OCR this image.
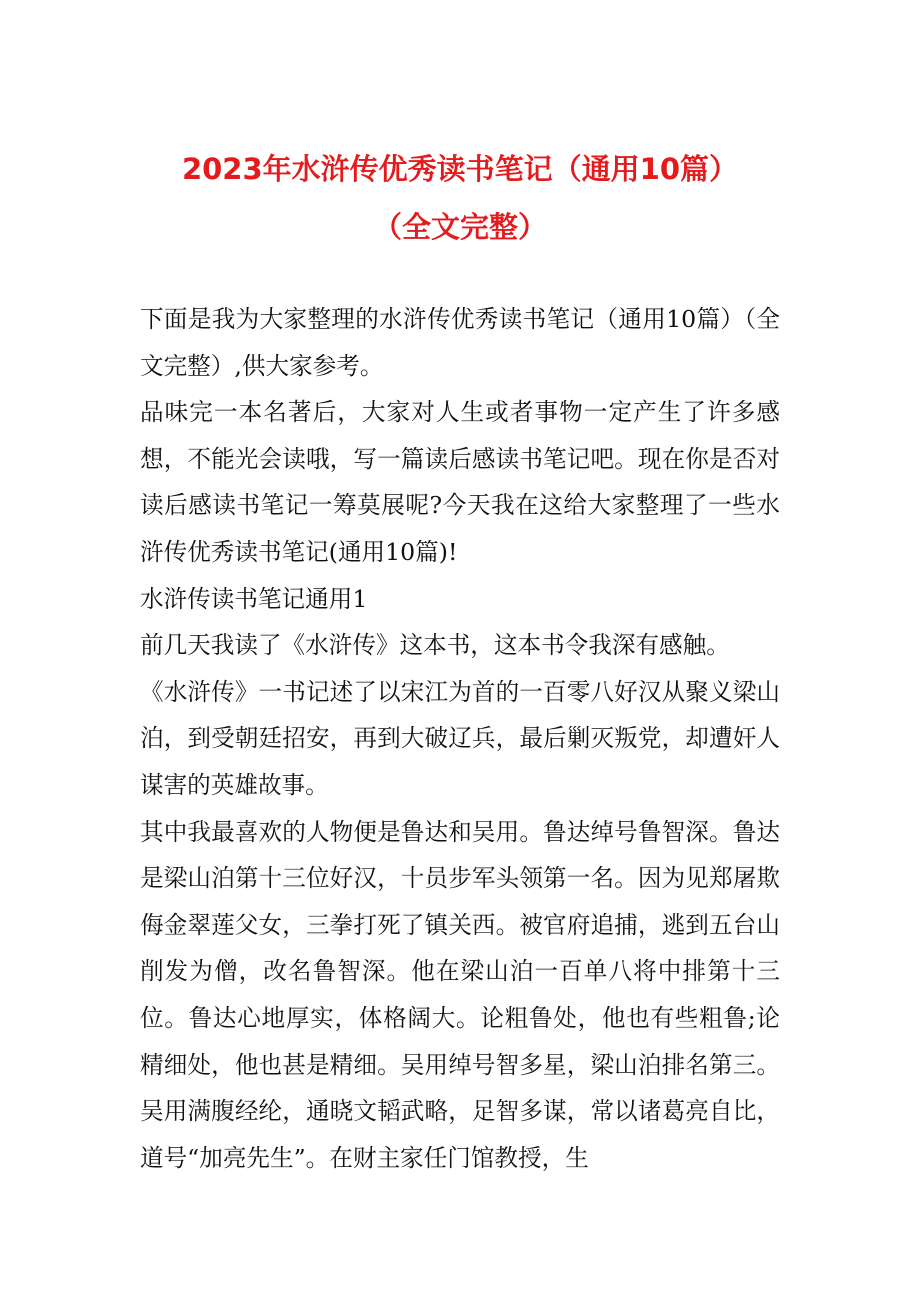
2023年水浒传优秀读书笔记（通用10篇）
（全文完整）

下面是我为大家整理的水浒传优秀读书笔记（通用10篇）（全文完整）,供大家参考。

品味完一本名著后，大家对人生或者事物一定产生了许多感想，不能光会读哦，写一篇读后感读书笔记吧。现在你是否对读后感读书笔记一筹莫展呢?今天我在这给大家整理了一些水浒传优秀读书笔记(通用10篇)!

水浒传读书笔记通用1

前几天我读了《水浒传》这本书，这本书令我深有感触。

《水浒传》一书记述了以宋江为首的一百零八好汉从聚义梁山泊，到受朝廷招安，再到大破辽兵，最后剿灭叛党，却遭奸人谋害的英雄故事。

其中我最喜欢的人物便是鲁达和吴用。鲁达绰号鲁智深。鲁达是梁山泊第十三位好汉，十员步军头领第一名。因为见郑屠欺侮金翠莲父女，三拳打死了镇关西。被官府追捕，逃到五台山削发为僧，改名鲁智深。他在梁山泊一百单八将中排第十三位。鲁达心地厚实，体格阔大。论粗鲁处，他也有些粗鲁;论精细处，他也甚是精细。吴用绰号智多星，梁山泊排名第三。吴用满腹经纶，通晓文韬武略，足智多谋，常以诸葛亮自比，道号“加亮先生”。在财主家任门馆教授，生
